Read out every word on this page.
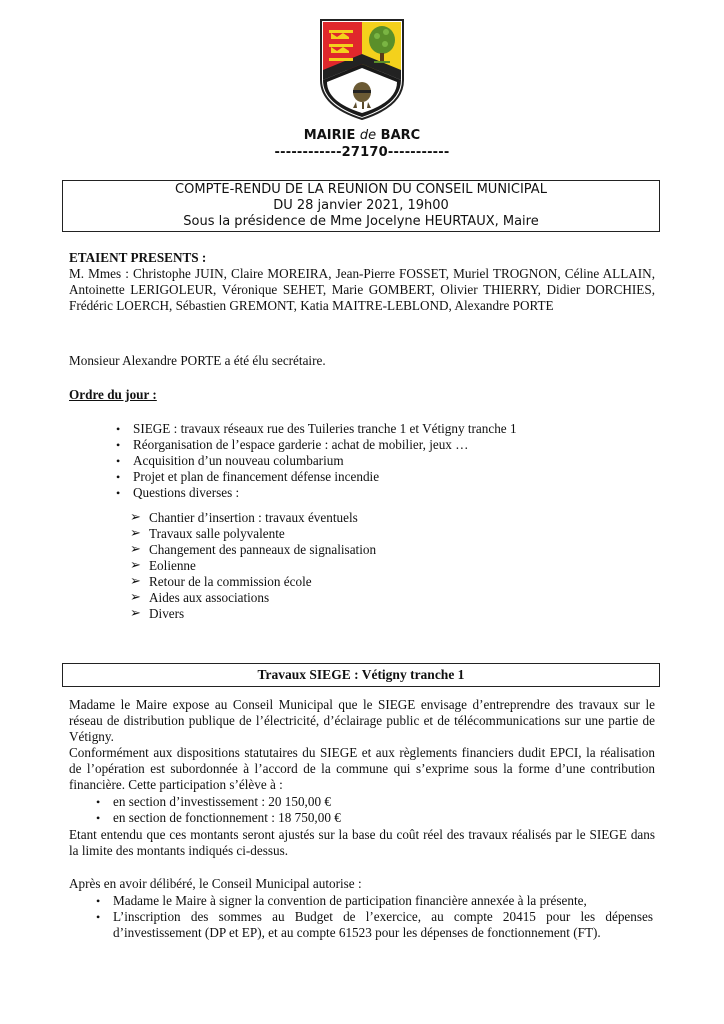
MAIRIE de BARC
------------27170-----------
COMPTE-RENDU DE LA REUNION DU CONSEIL MUNICIPAL
DU 28 janvier 2021, 19h00
Sous la présidence de Mme Jocelyne HEURTAUX, Maire
ETAIENT PRESENTS :
M. Mmes : Christophe JUIN, Claire MOREIRA, Jean-Pierre FOSSET, Muriel TROGNON, Céline ALLAIN, Antoinette LERIGOLEUR, Véronique SEHET, Marie GOMBERT, Olivier THIERRY, Didier DORCHIES, Frédéric LOERCH, Sébastien GREMONT, Katia MAITRE-LEBLOND, Alexandre PORTE
Monsieur Alexandre PORTE a été élu secrétaire.
Ordre du jour :
• SIEGE : travaux réseaux rue des Tuileries tranche 1 et Vétigny tranche 1
• Réorganisation de l’espace garderie : achat de mobilier, jeux …
• Acquisition d’un nouveau columbarium
• Projet et plan de financement défense incendie
• Questions diverses :
➢ Chantier d’insertion : travaux éventuels
➢ Travaux salle polyvalente
➢ Changement des panneaux de signalisation
➢ Eolienne
➢ Retour de la commission école
➢ Aides aux associations
➢ Divers
Travaux SIEGE : Vétigny tranche 1
Madame le Maire expose au Conseil Municipal que le SIEGE envisage d’entreprendre des travaux sur le réseau de distribution publique de l’électricité, d’éclairage public et de télécommunications sur une partie de Vétigny.
Conformément aux dispositions statutaires du SIEGE et aux règlements financiers dudit EPCI, la réalisation de l’opération est subordonnée à l’accord de la commune qui s’exprime sous la forme d’une contribution financière. Cette participation s’élève à :
• en section d’investissement : 20 150,00 €
• en section de fonctionnement : 18 750,00 €
Etant entendu que ces montants seront ajustés sur la base du coût réel des travaux réalisés par le SIEGE dans la limite des montants indiqués ci-dessus.
Après en avoir délibéré, le Conseil Municipal autorise :
• Madame le Maire à signer la convention de participation financière annexée à la présente,
• L’inscription des sommes au Budget de l’exercice, au compte 20415 pour les dépenses d’investissement (DP et EP), et au compte 61523 pour les dépenses de fonctionnement (FT).
